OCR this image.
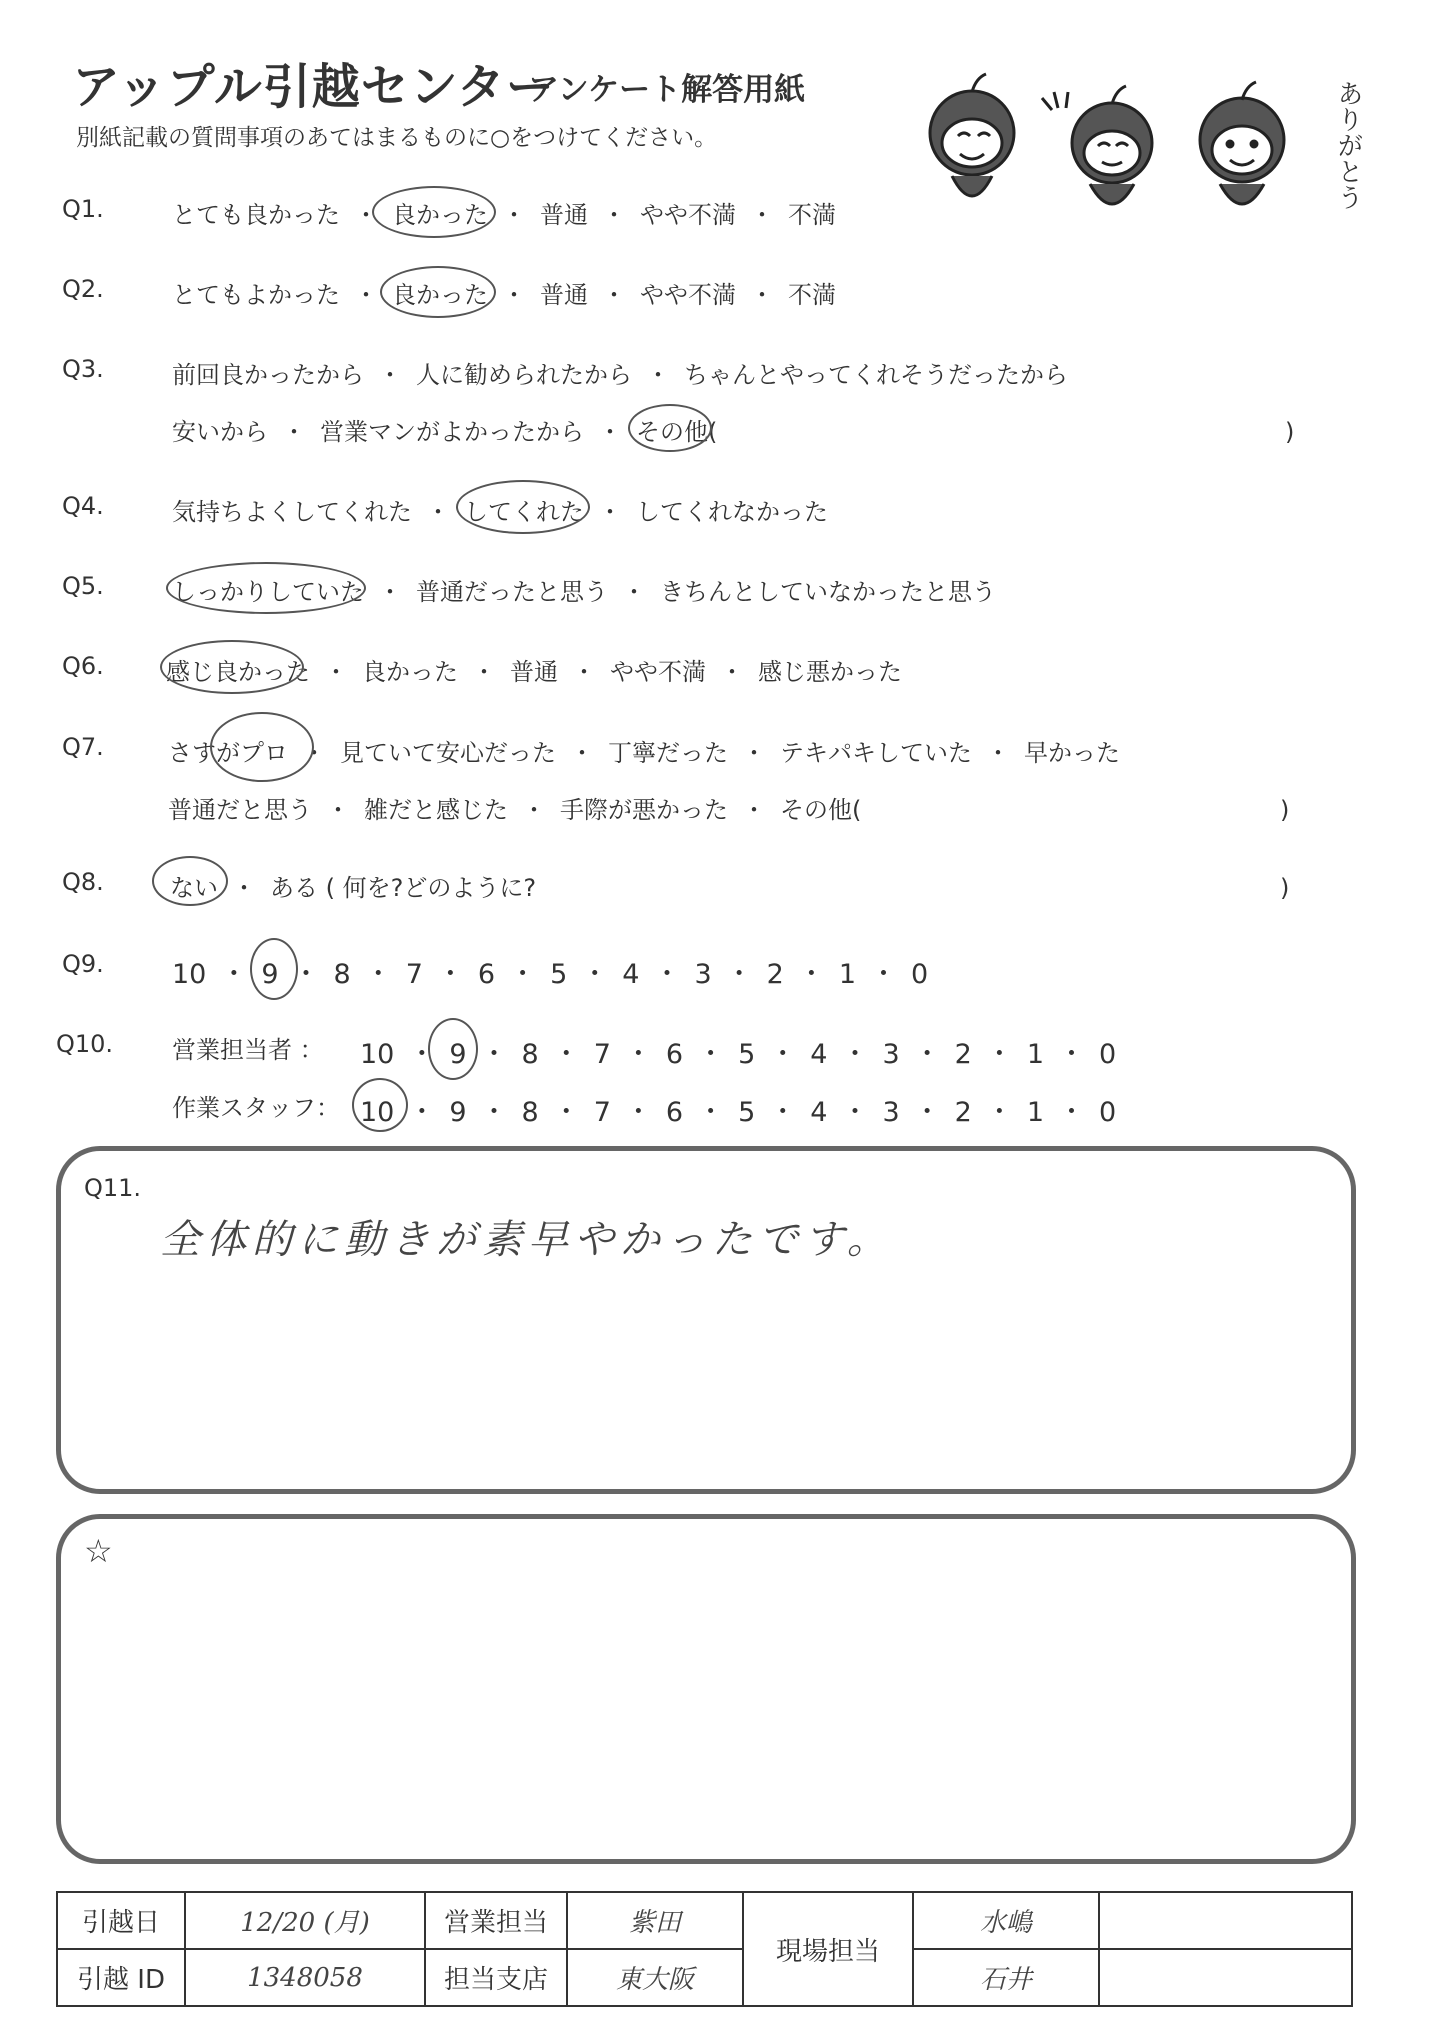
アップル引越センター
アンケート解答用紙
別紙記載の質問事項のあてはまるものに○をつけてください。	ありがとう
Q1.	とても良かった ・ 良かった ・ 普通 ・ やや不満 ・ 不満
Q2.	とてもよかった ・ 良かった ・ 普通 ・ やや不満 ・ 不満
Q3.	前回良かったから ・ 人に勧められたから ・ ちゃんとやってくれそうだったから
安いから ・ 営業マンがよかったから ・ その他(	)
Q4.	気持ちよくしてくれた ・ してくれた ・ してくれなかった
Q5.	しっかりしていた ・ 普通だったと思う ・ きちんとしていなかったと思う
Q6.	感じ良かった ・ 良かった ・ 普通 ・ やや不満 ・ 感じ悪かった
Q7.	さすがプロ ・ 見ていて安心だった ・ 丁寧だった ・ テキパキしていた ・ 早かった
普通だと思う ・ 雑だと感じた ・ 手際が悪かった ・ その他(	)
Q8.	ない ・ ある ( 何を?どのように?	)
Q9.	10 ・ 9 ・ 8 ・ 7 ・ 6 ・ 5 ・ 4 ・ 3 ・ 2 ・ 1 ・ 0
Q10. 営業担当者 ： 10 ・ 9 ・ 8 ・ 7 ・ 6 ・ 5 ・ 4 ・ 3 ・ 2 ・ 1 ・ 0
作業スタッフ： 10 ・ 9 ・ 8 ・ 7 ・ 6 ・ 5 ・ 4 ・ 3 ・ 2 ・ 1 ・ 0
Q11.
全体的に動きが素早やかったです。
☆
引越日	12/20 (月)	営業担当	紫田	現場担当	水嶋	
引越 ID	1348058	担当支店	東大阪		石井	
